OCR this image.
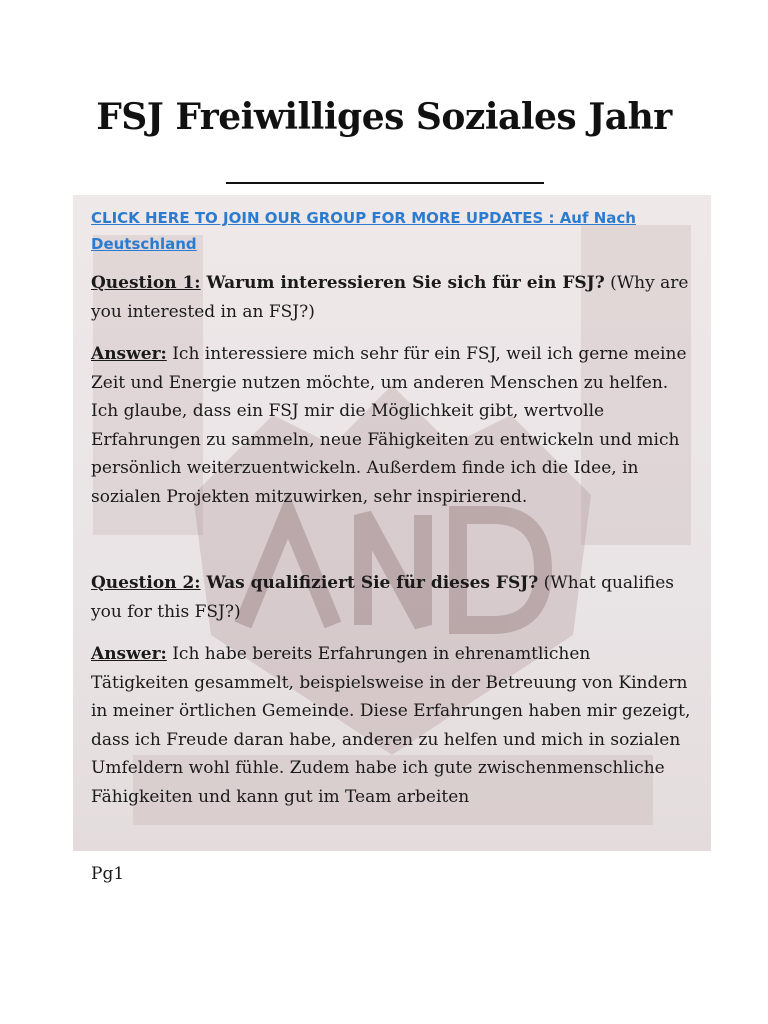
FSJ Freiwilliges Soziales Jahr

CLICK HERE TO JOIN OUR GROUP FOR MORE UPDATES : Auf Nach Deutschland

Question 1: Warum interessieren Sie sich für ein FSJ? (Why are you interested in an FSJ?)

Answer: Ich interessiere mich sehr für ein FSJ, weil ich gerne meine Zeit und Energie nutzen möchte, um anderen Menschen zu helfen. Ich glaube, dass ein FSJ mir die Möglichkeit gibt, wertvolle Erfahrungen zu sammeln, neue Fähigkeiten zu entwickeln und mich persönlich weiterzuentwickeln. Außerdem finde ich die Idee, in sozialen Projekten mitzuwirken, sehr inspirierend.

Question 2: Was qualifiziert Sie für dieses FSJ? (What qualifies you for this FSJ?)

Answer: Ich habe bereits Erfahrungen in ehrenamtlichen Tätigkeiten gesammelt, beispielsweise in der Betreuung von Kindern in meiner örtlichen Gemeinde. Diese Erfahrungen haben mir gezeigt, dass ich Freude daran habe, anderen zu helfen und mich in sozialen Umfeldern wohl fühle. Zudem habe ich gute zwischenmenschliche Fähigkeiten und kann gut im Team arbeiten

Pg1
